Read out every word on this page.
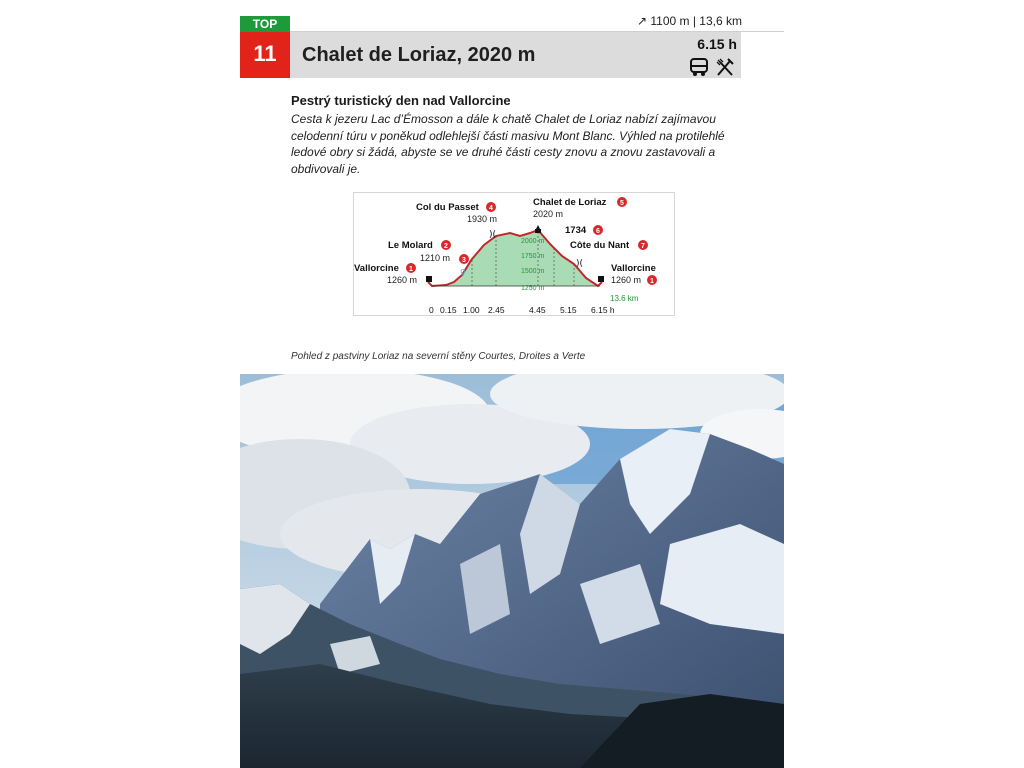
TOP
11
↗ 1100 m | 13,6 km
Chalet de Loriaz, 2020 m	6.15 h
Pestrý turistický den nad Vallorcine

Cesta k jezeru Lac d’Émosson a dále k chatě Chalet de Loriaz nabízí zajímavou celodenní túru v poněkud odlehlejší části masivu Mont Blanc. Výhled na protilehlé ledové obry si žádá, abyste se ve druhé části cesty znovu a znovu zastavovali a obdivovali je.

)(
)(
Col du Passet 4
1930 m
Chalet de Loriaz 5
2020 m
Le Molard 2
1210 m 3
♀
1734 6
Côte du Nant 7
Vallorcine 1
1260 m
Vallorcine
1260 m 1
2000 m
1750 m
1500 m
1250 m
13.6 km
0 0.15 1.00 2.45	4.45 5.15 6.15 h
Pohled z pastviny Loriaz na severní stěny Courtes, Droites a Verte
